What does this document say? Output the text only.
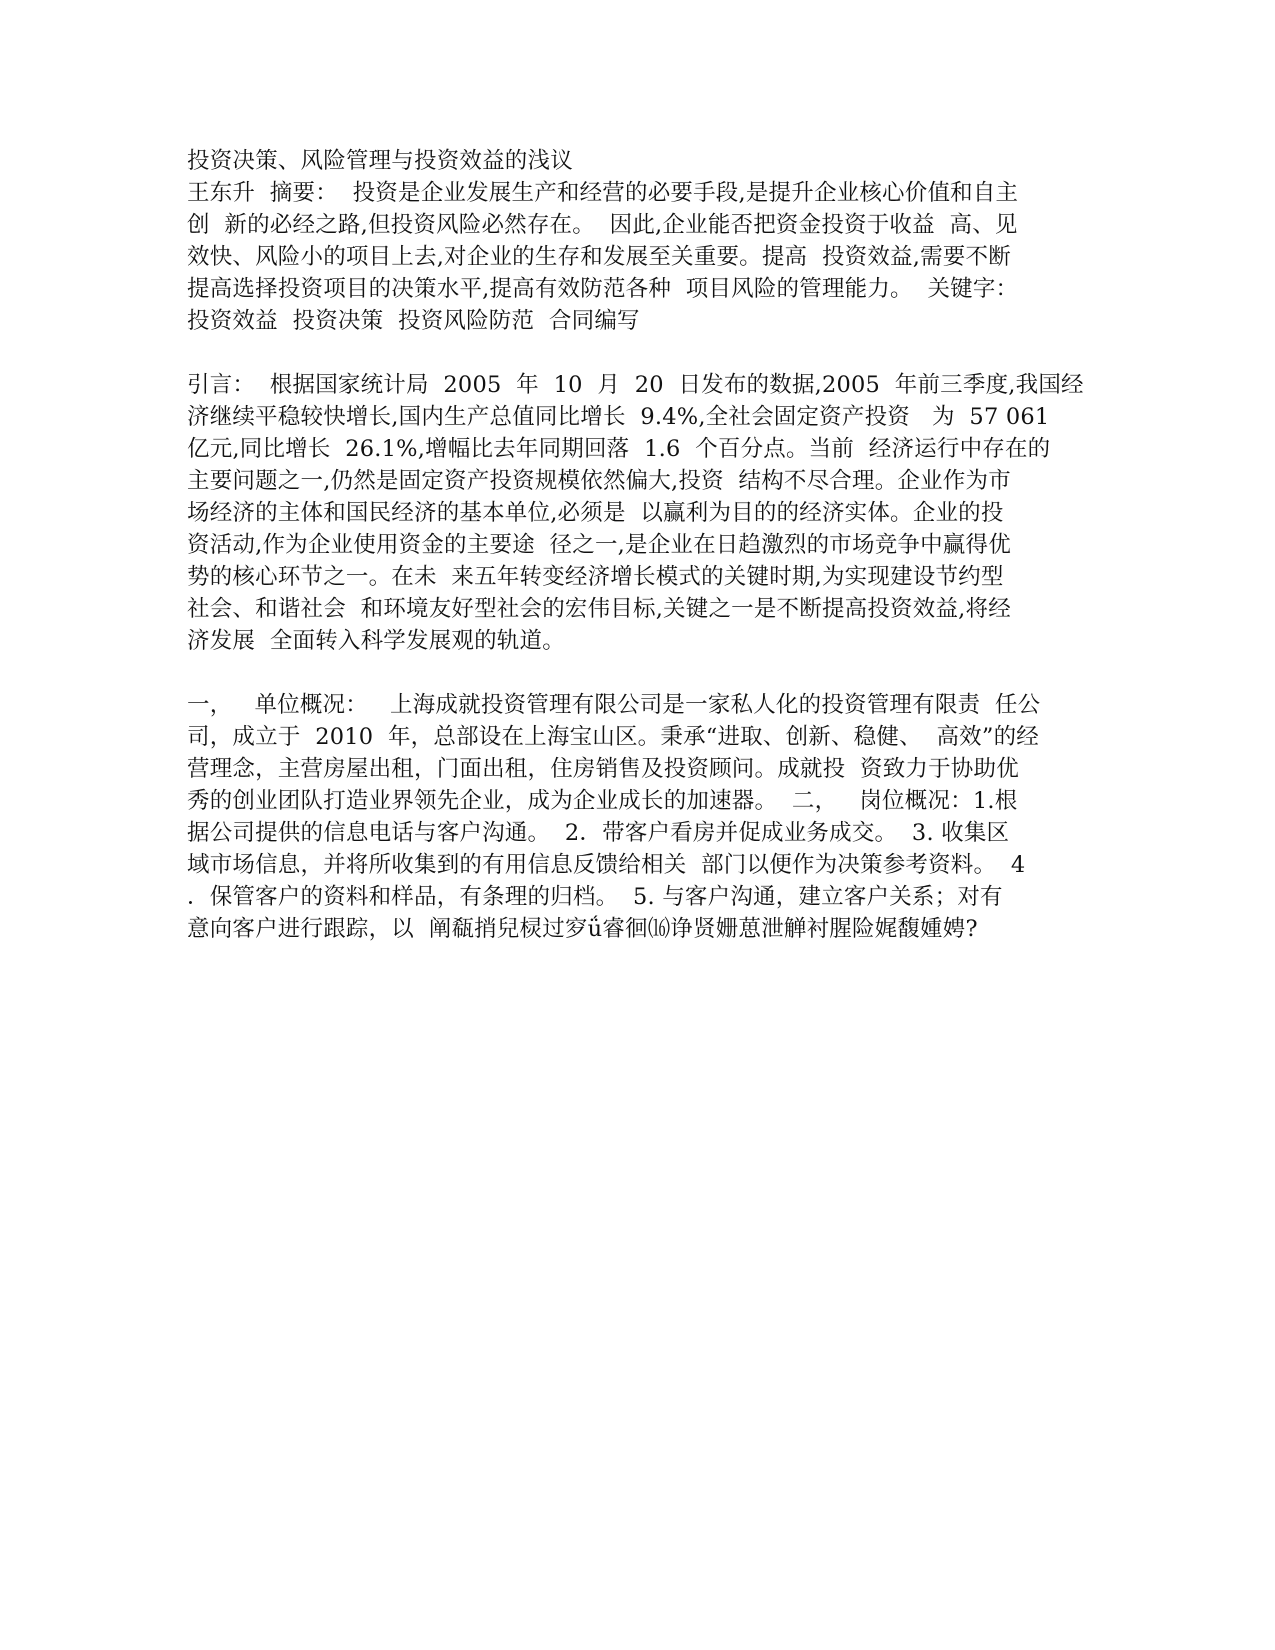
投资决策、风险管理与投资效益的浅议
王东升  摘要：  投资是企业发展生产和经营的必要手段,是提升企业核心价值和自主
创  新的必经之路,但投资风险必然存在。  因此,企业能否把资金投资于收益  高、见
效快、风险小的项目上去,对企业的生存和发展至关重要。提高  投资效益,需要不断
提高选择投资项目的决策水平,提高有效防范各种  项目风险的管理能力。  关键字：
投资效益  投资决策  投资风险防范  合同编写
引言：  根据国家统计局  2005  年  10  月  20  日发布的数据,2005  年前三季度,我国经
济继续平稳较快增长,国内生产总值同比增长  9.4%,全社会固定资产投资   为  57 061
亿元,同比增长  26.1%,增幅比去年同期回落  1.6  个百分点。当前  经济运行中存在的
主要问题之一,仍然是固定资产投资规模依然偏大,投资  结构不尽合理。企业作为市
场经济的主体和国民经济的基本单位,必须是  以赢利为目的的经济实体。企业的投
资活动,作为企业使用资金的主要途  径之一,是企业在日趋激烈的市场竞争中赢得优
势的核心环节之一。在未  来五年转变经济增长模式的关键时期,为实现建设节约型
社会、和谐社会  和环境友好型社会的宏伟目标,关键之一是不断提高投资效益,将经
济发展  全面转入科学发展观的轨道。
一，   单位概况：   上海成就投资管理有限公司是一家私人化的投资管理有限责  任公
司，成立于  2010  年，总部设在上海宝山区。秉承“进取、创新、稳健、  高效”的经
营理念，主营房屋出租，门面出租，住房销售及投资顾问。成就投  资致力于协助优
秀的创业团队打造业界领先企业，成为企业成长的加速器。  二，   岗位概况：1.根
据公司提供的信息电话与客户沟通。  2．带客户看房并促成业务成交。  3. 收集区
域市场信息，并将所收集到的有用信息反馈给相关  部门以便作为决策参考资料。  4
．保管客户的资料和样品，有条理的归档。  5. 与客户沟通，建立客户关系；对有
意向客户进行跟踪，以  阐瓻捎兒棂过穸ǘ睿徊⒃诤贤姗葸泄觯衬腥险娓馥媑娉?
